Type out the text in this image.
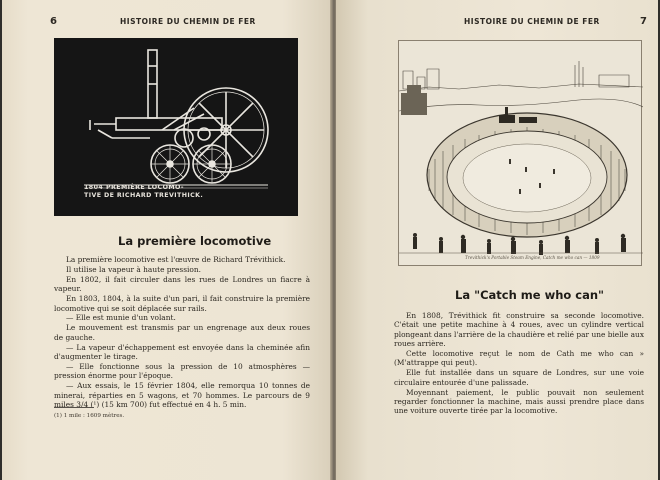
6	HISTOIRE DU CHEMIN DE FER
1804 PREMIÈRE LOCOMO-
TIVE DE RICHARD TREVITHICK.
La première locomotive

La première locomotive est l'œuvre de Richard Trévithick.

Il utilise la vapeur à haute pression.

En 1802, il fait circuler dans les rues de Londres un fiacre à vapeur.

En 1803, 1804, à la suite d'un pari, il fait construire la première locomotive qui se soit déplacée sur rails.

— Elle est munie d'un volant.

Le mouvement est transmis par un engrenage aux deux roues de gauche.

— La vapeur d'échappement est envoyée dans la cheminée afin d'augmenter le tirage.

— Elle fonctionne sous la pression de 10 atmosphères — pression énorme pour l'époque.

— Aux essais, le 15 février 1804, elle remorqua 10 tonnes de minerai, réparties en 5 wagons, et 70 hommes. Le parcours de 9 miles 3/4 (¹) (15 km 700) fut effectué en 4 h. 5 min.

(1) 1 mile : 1609 mètres.
HISTOIRE DU CHEMIN DE FER	7
Trevithick's Portable Steam Engine, Catch me who can — 1809
La "Catch me who can"

En 1808, Trévithick fit construire sa seconde locomotive. C'était une petite machine à 4 roues, avec un cylindre vertical plongeant dans l'arrière de la chaudière et relié par une bielle aux roues arrière.

Cette locomotive reçut le nom de Cath me who can » (M'attrappe qui peut).

Elle fut installée dans un square de Londres, sur une voie circulaire entourée d'une palissade.

Moyennant paiement, le public pouvait non seulement regarder fonctionner la machine, mais aussi prendre place dans une voiture ouverte tirée par la locomotive.
